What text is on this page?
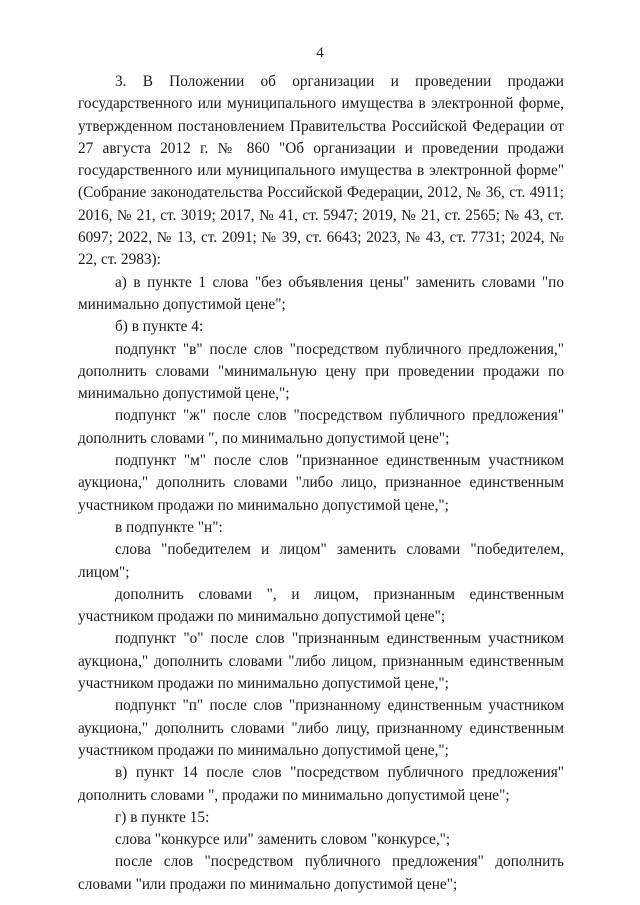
4

3. В Положении об организации и проведении продажи государственного или муниципального имущества в электронной форме, утвержденном постановлением Правительства Российской Федерации от 27 августа 2012 г. № 860 "Об организации и проведении продажи государственного или муниципального имущества в электронной форме" (Собрание законодательства Российской Федерации, 2012, № 36, ст. 4911; 2016, № 21, ст. 3019; 2017, № 41, ст. 5947; 2019, № 21, ст. 2565; № 43, ст. 6097; 2022, № 13, ст. 2091; № 39, ст. 6643; 2023, № 43, ст. 7731; 2024, № 22, ст. 2983):

а) в пункте 1 слова "без объявления цены" заменить словами "по минимально допустимой цене";

б) в пункте 4:

подпункт "в" после слов "посредством публичного предложения," дополнить словами "минимальную цену при проведении продажи по минимально допустимой цене,";

подпункт "ж" после слов "посредством публичного предложения" дополнить словами ", по минимально допустимой цене";

подпункт "м" после слов "признанное единственным участником аукциона," дополнить словами "либо лицо, признанное единственным участником продажи по минимально допустимой цене,";

в подпункте "н":

слова "победителем и лицом" заменить словами "победителем, лицом";

дополнить словами ", и лицом, признанным единственным участником продажи по минимально допустимой цене";

подпункт "о" после слов "признанным единственным участником аукциона," дополнить словами "либо лицом, признанным единственным участником продажи по минимально допустимой цене,";

подпункт "п" после слов "признанному единственным участником аукциона," дополнить словами "либо лицу, признанному единственным участником продажи по минимально допустимой цене,";

в) пункт 14 после слов "посредством публичного предложения" дополнить словами ", продажи по минимально допустимой цене";

г) в пункте 15:

слова "конкурсе или" заменить словом "конкурсе,";

после слов "посредством публичного предложения" дополнить словами "или продажи по минимально допустимой цене";
